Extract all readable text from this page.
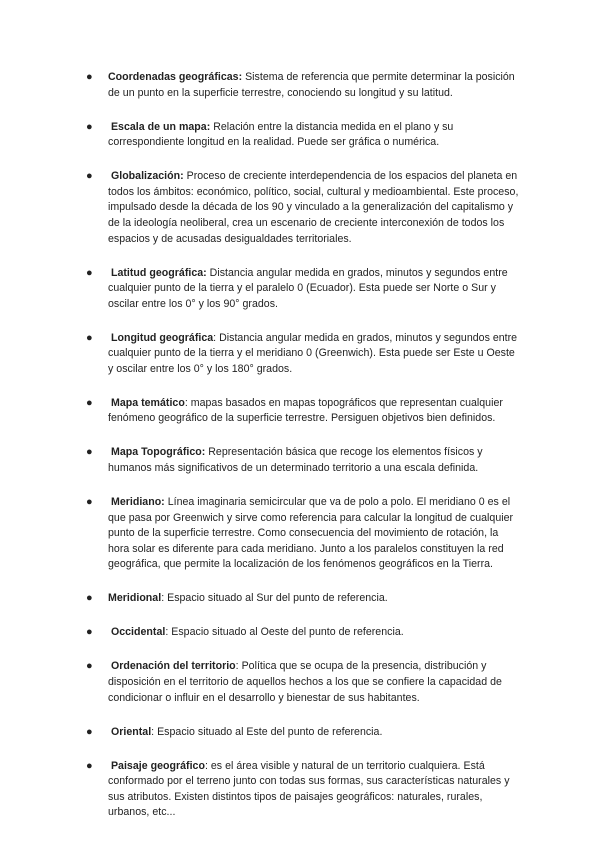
● Coordenadas geográficas: Sistema de referencia que permite determinar la posición de un punto en la superficie terrestre, conociendo su longitud y su latitud.
● Escala de un mapa: Relación entre la distancia medida en el plano y su correspondiente longitud en la realidad. Puede ser gráfica o numérica.
● Globalización: Proceso de creciente interdependencia de los espacios del planeta en todos los ámbitos: económico, político, social, cultural y medioambiental. Este proceso, impulsado desde la década de los 90 y vinculado a la generalización del capitalismo y de la ideología neoliberal, crea un escenario de creciente interconexión de todos los espacios y de acusadas desigualdades territoriales.
● Latitud geográfica: Distancia angular medida en grados, minutos y segundos entre cualquier punto de la tierra y el paralelo 0 (Ecuador). Esta puede ser Norte o Sur y oscilar entre los 0° y los 90° grados.
● Longitud geográfica: Distancia angular medida en grados, minutos y segundos entre cualquier punto de la tierra y el meridiano 0 (Greenwich). Esta puede ser Este u Oeste y oscilar entre los 0° y los 180° grados.
● Mapa temático: mapas basados en mapas topográficos que representan cualquier fenómeno geográfico de la superficie terrestre. Persiguen objetivos bien definidos.
● Mapa Topográfico: Representación básica que recoge los elementos físicos y humanos más significativos de un determinado territorio a una escala definida.
● Meridiano: Línea imaginaria semicircular que va de polo a polo. El meridiano 0 es el que pasa por Greenwich y sirve como referencia para calcular la longitud de cualquier punto de la superficie terrestre. Como consecuencia del movimiento de rotación, la hora solar es diferente para cada meridiano. Junto a los paralelos constituyen la red geográfica, que permite la localización de los fenómenos geográficos en la Tierra.
● Meridional: Espacio situado al Sur del punto de referencia.
● Occidental: Espacio situado al Oeste del punto de referencia.
● Ordenación del territorio: Política que se ocupa de la presencia, distribución y disposición en el territorio de aquellos hechos a los que se confiere la capacidad de condicionar o influir en el desarrollo y bienestar de sus habitantes.
● Oriental: Espacio situado al Este del punto de referencia.
● Paisaje geográfico: es el área visible y natural de un territorio cualquiera. Está conformado por el terreno junto con todas sus formas, sus características naturales y sus atributos. Existen distintos tipos de paisajes geográficos: naturales, rurales, urbanos, etc...
